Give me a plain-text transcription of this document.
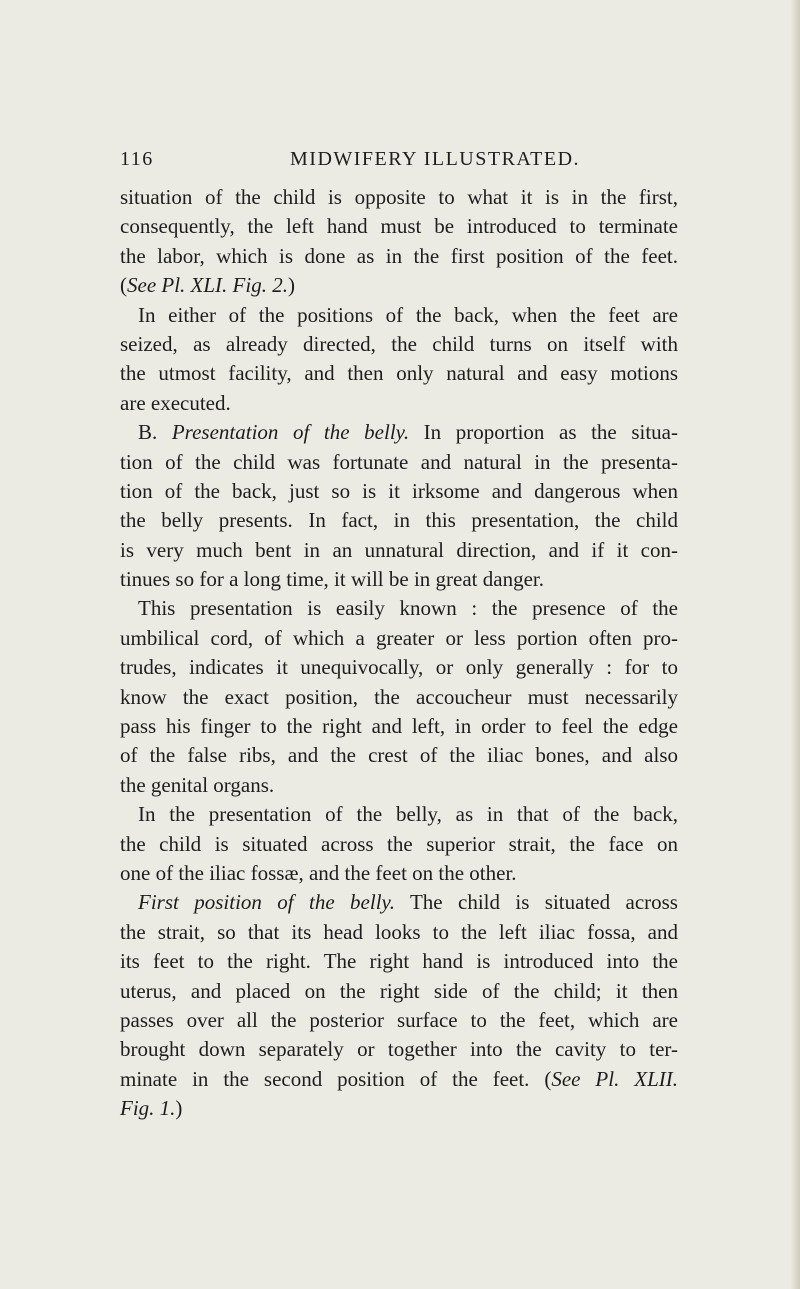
116	MIDWIFERY ILLUSTRATED.
situation of the child is opposite to what it is in the first,
consequently, the left hand must be introduced to terminate
the labor, which is done as in the first position of the feet.
(See Pl. XLI. Fig. 2.)
In either of the positions of the back, when the feet are
seized, as already directed, the child turns on itself with
the utmost facility, and then only natural and easy motions
are executed.
B. Presentation of the belly. In proportion as the situa-
tion of the child was fortunate and natural in the presenta-
tion of the back, just so is it irksome and dangerous when
the belly presents. In fact, in this presentation, the child
is very much bent in an unnatural direction, and if it con-
tinues so for a long time, it will be in great danger.
This presentation is easily known : the presence of the
umbilical cord, of which a greater or less portion often pro-
trudes, indicates it unequivocally, or only generally : for to
know the exact position, the accoucheur must necessarily
pass his finger to the right and left, in order to feel the edge
of the false ribs, and the crest of the iliac bones, and also
the genital organs.
In the presentation of the belly, as in that of the back,
the child is situated across the superior strait, the face on
one of the iliac fossæ, and the feet on the other.
First position of the belly. The child is situated across
the strait, so that its head looks to the left iliac fossa, and
its feet to the right. The right hand is introduced into the
uterus, and placed on the right side of the child; it then
passes over all the posterior surface to the feet, which are
brought down separately or together into the cavity to ter-
minate in the second position of the feet. (See Pl. XLII.
Fig. 1.)
